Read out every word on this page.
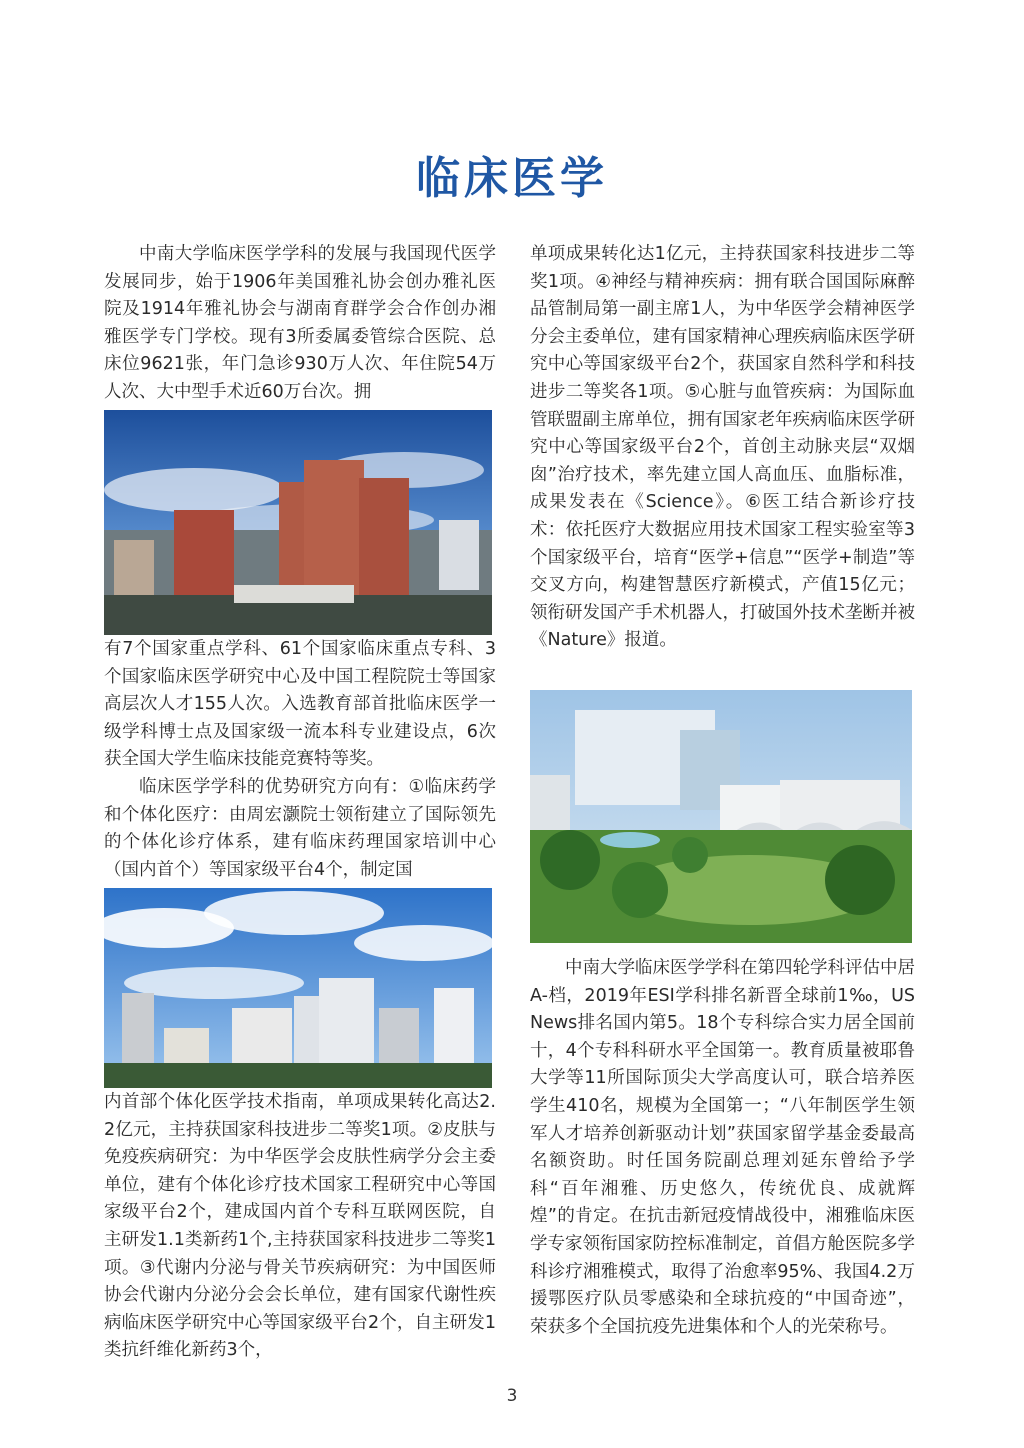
临床医学

中南大学临床医学学科的发展与我国现代医学发展同步，始于1906年美国雅礼协会创办雅礼医院及1914年雅礼协会与湖南育群学会合作创办湘雅医学专门学校。现有3所委属委管综合医院、总床位9621张，年门急诊930万人次、年住院54万人次、大中型手术近60万台次。拥

有7个国家重点学科、61个国家临床重点专科、3个国家临床医学研究中心及中国工程院院士等国家高层次人才155人次。入选教育部首批临床医学一级学科博士点及国家级一流本科专业建设点，6次获全国大学生临床技能竞赛特等奖。

临床医学学科的优势研究方向有：①临床药学和个体化医疗：由周宏灏院士领衔建立了国际领先的个体化诊疗体系，建有临床药理国家培训中心（国内首个）等国家级平台4个，制定国

内首部个体化医学技术指南，单项成果转化高达2.2亿元，主持获国家科技进步二等奖1项。②皮肤与免疫疾病研究：为中华医学会皮肤性病学分会主委单位，建有个体化诊疗技术国家工程研究中心等国家级平台2个，建成国内首个专科互联网医院，自主研发1.1类新药1个,主持获国家科技进步二等奖1项。③代谢内分泌与骨关节疾病研究：为中国医师协会代谢内分泌分会会长单位，建有国家代谢性疾病临床医学研究中心等国家级平台2个，自主研发1 类抗纤维化新药3个，

单项成果转化达1亿元，主持获国家科技进步二等奖1项。④神经与精神疾病：拥有联合国国际麻醉品管制局第一副主席1人，为中华医学会精神医学分会主委单位，建有国家精神心理疾病临床医学研究中心等国家级平台2个，获国家自然科学和科技进步二等奖各1项。⑤心脏与血管疾病：为国际血管联盟副主席单位，拥有国家老年疾病临床医学研究中心等国家级平台2个，首创主动脉夹层“双烟囱”治疗技术，率先建立国人高血压、血脂标准，成果发表在《Science》。⑥医工结合新诊疗技术：依托医疗大数据应用技术国家工程实验室等3个国家级平台，培育“医学+信息”“医学+制造”等交叉方向，构建智慧医疗新模式，产值15亿元；领衔研发国产手术机器人，打破国外技术垄断并被《Nature》报道。

中南大学临床医学学科在第四轮学科评估中居A-档，2019年ESI学科排名新晋全球前1‰，US News排名国内第5。18个专科综合实力居全国前十，4个专科科研水平全国第一。教育质量被耶鲁大学等11所国际顶尖大学高度认可，联合培养医学生410名，规模为全国第一；“八年制医学生领军人才培养创新驱动计划”获国家留学基金委最高名额资助。时任国务院副总理刘延东曾给予学科“百年湘雅、历史悠久，传统优良、成就辉煌”的肯定。在抗击新冠疫情战役中，湘雅临床医学专家领衔国家防控标准制定，首倡方舱医院多学科诊疗湘雅模式，取得了治愈率95%、我国4.2万援鄂医疗队员零感染和全球抗疫的“中国奇迹”，荣获多个全国抗疫先进集体和个人的光荣称号。

3
